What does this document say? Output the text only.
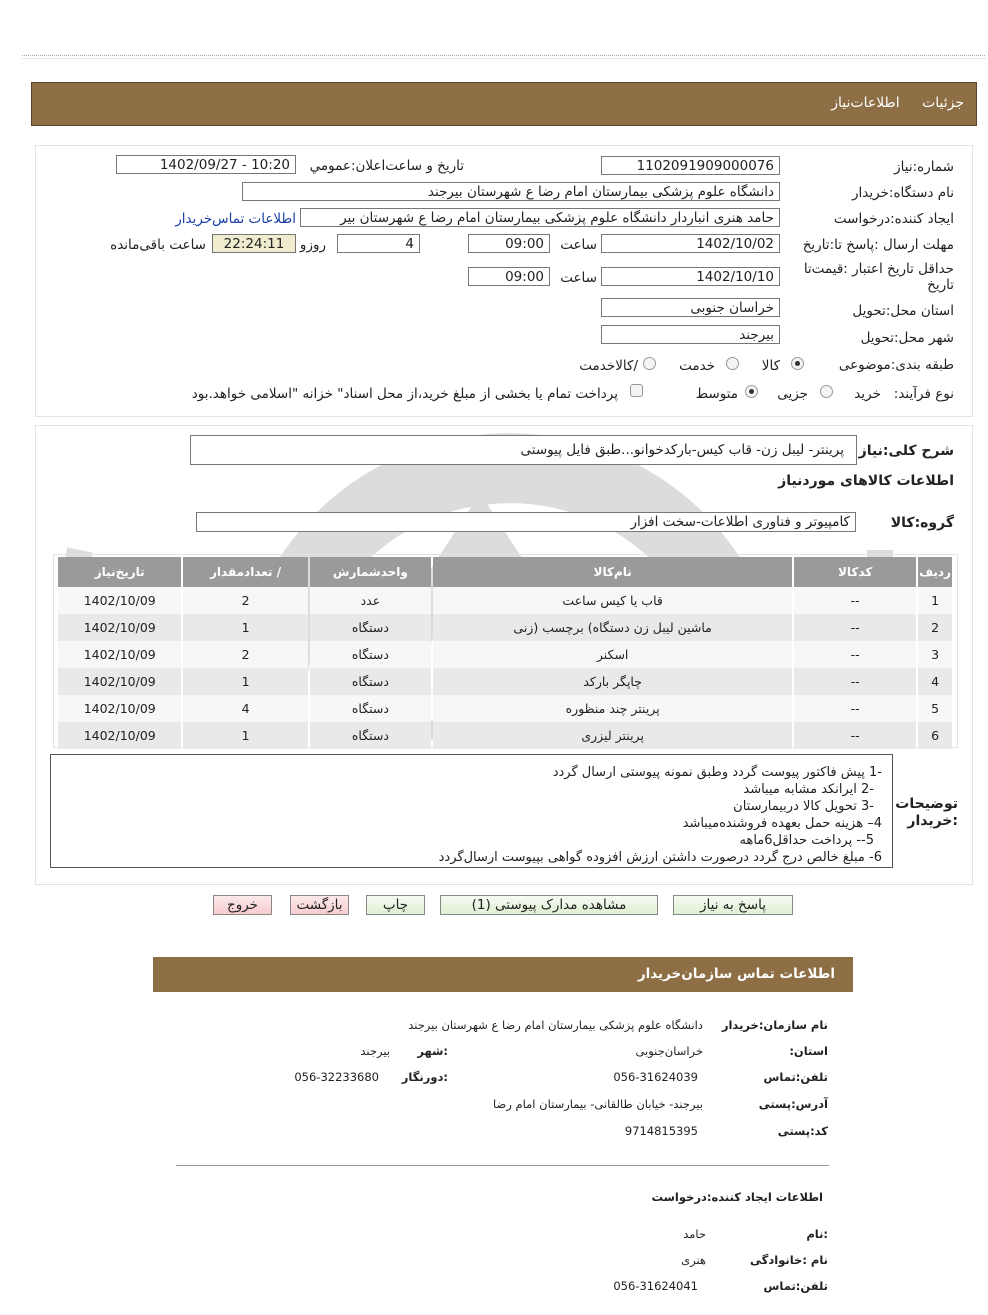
جزئیات اطلاعات‌نیاز
شماره:نیاز
1102091909000076
تاریخ و ساعت‌اعلان:عمومي
1402/09/27 - 10:20
نام دستگاه:خریدار
دانشگاه علوم پزشکی بیمارستان امام رضا ع شهرستان بیرجند
ایجاد کننده:درخواست
حامد هنری انباردار دانشگاه علوم پزشکی بیمارستان امام رضا ع شهرستان بیر
اطلاعات تماس‌خریدار
مهلت ارسال :پاسخ تا:تاریخ
1402/10/02
ساعت
09:00
4
روزو
22:24:11
ساعت باقی‌مانده
حداقل تاریخ اعتبار :قیمت‌تا تاریخ
1402/10/10
ساعت
09:00
استان محل:تحویل
خراسان جنوبی
شهر محل:تحویل
بیرجند
طبقه بندی:موضوعی
کالا
خدمت
/کالاخدمت
نوع فرآیند:   خرید
جزیی
متوسط
پرداخت تمام یا بخشی از مبلغ خرید،از محل اسناد" خزانه "اسلامی خواهد.بود
شرح کلی:نیاز
پرینتر- لیبل زن- قاب کیس-بارکدخوانو...طبق فایل پیوستی
اطلاعات کالاهای مورد‌نیاز
گروه:کالا
کامپیوتر و فناوری اطلاعات-سخت افزار
ردیف	کدکالا	نام‌کالا	واحدشمارش	/ تعدادمقدار	تاریخ‌نیاز
1	--	قاب یا کیس ساعت	عدد	2	1402/10/09
2	--	ماشین لیبل زن دستگاه) برچسب (زنی	دستگاه	1	1402/10/09
3	--	اسکنر	دستگاه	2	1402/10/09
4	--	چاپگر بارکد	دستگاه	1	1402/10/09
5	--	پرینتر چند منظوره	دستگاه	4	1402/10/09
6	--	پرینتر لیزری	دستگاه	1	1402/10/09
توضیحات :خریدار
-1 پیش فاکتور پیوست گردد وطبق نمونه پیوستی ارسال گردد
-2 ایرانکد مشابه میباشد
-3 تحویل کالا دربیمارستان
4– هزینه حمل بعهده فروشنده‌میباشد
5-- پرداخت حداقل6ماهه
6- مبلغ خالص درج گردد درصورت داشتن ارزش افزوده گواهی بپیوست ارسال‌گردد
پاسخ به نیاز
مشاهده مدارک پیوستی (1)
چاپ
بازگشت
خروج
اطلاعات تماس سازمان‌خریدار
نام سازمان:خریدار
دانشگاه علوم پزشکی بیمارستان امام رضا ع شهرستان بیرجند
استان:
خراسان‌جنوبی
:شهر
بیرجند
تلفن:تماس
056-31624039
:دورنگار
056-32233680
آدرس:پستی
بیرجند- خیابان طالقانی- بیمارستان امام رضا
کد:پستی
9714815395
اطلاعات ایجاد کننده:درخواست
:نام
حامد
نام :خانوادگی
هنری
تلفن:تماس
056-31624041
